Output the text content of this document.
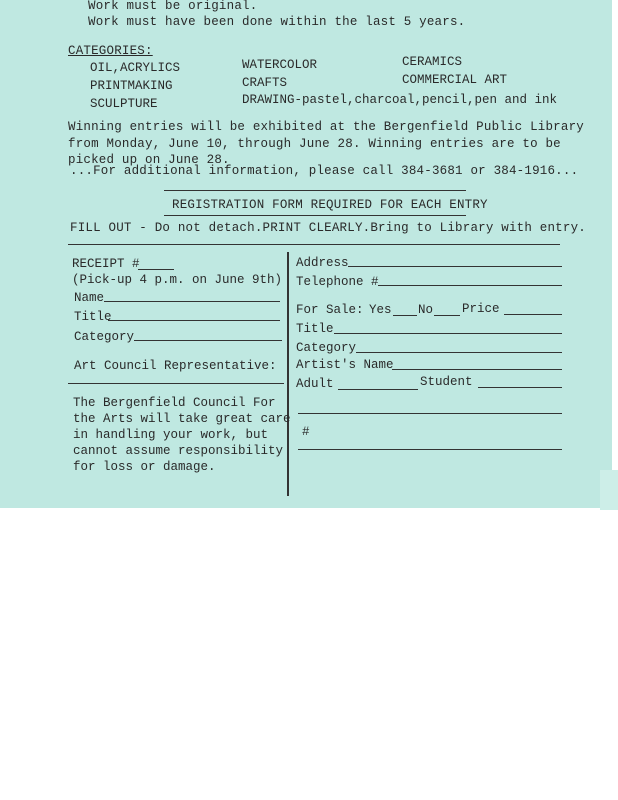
Work must be original.
Work must have been done within the last 5 years.
CATEGORIES:
OIL,ACRYLICS	WATERCOLOR	CERAMICS
PRINTMAKING	CRAFTS	COMMERCIAL ART
SCULPTURE	DRAWING-pastel,charcoal,pencil,pen and ink
Winning entries will be exhibited at the Bergenfield Public Library
from Monday, June 10, through June 28. Winning entries are to be
picked up on June 28.
...For additional information, please call 384-3681 or 384-1916...
REGISTRATION FORM REQUIRED FOR EACH ENTRY
FILL OUT - Do not detach.PRINT CLEARLY.Bring to Library with entry.
RECEIPT #
(Pick-up 4 p.m. on June 9th)
Name
Title
Category
Art Council Representative:
The Bergenfield Council For
the Arts will take great care
in handling your work, but
cannot assume responsibility
for loss or damage.
Address
Telephone #
For Sale: Yes No Price
Title
Category
Artist's Name
Adult	Student
#
